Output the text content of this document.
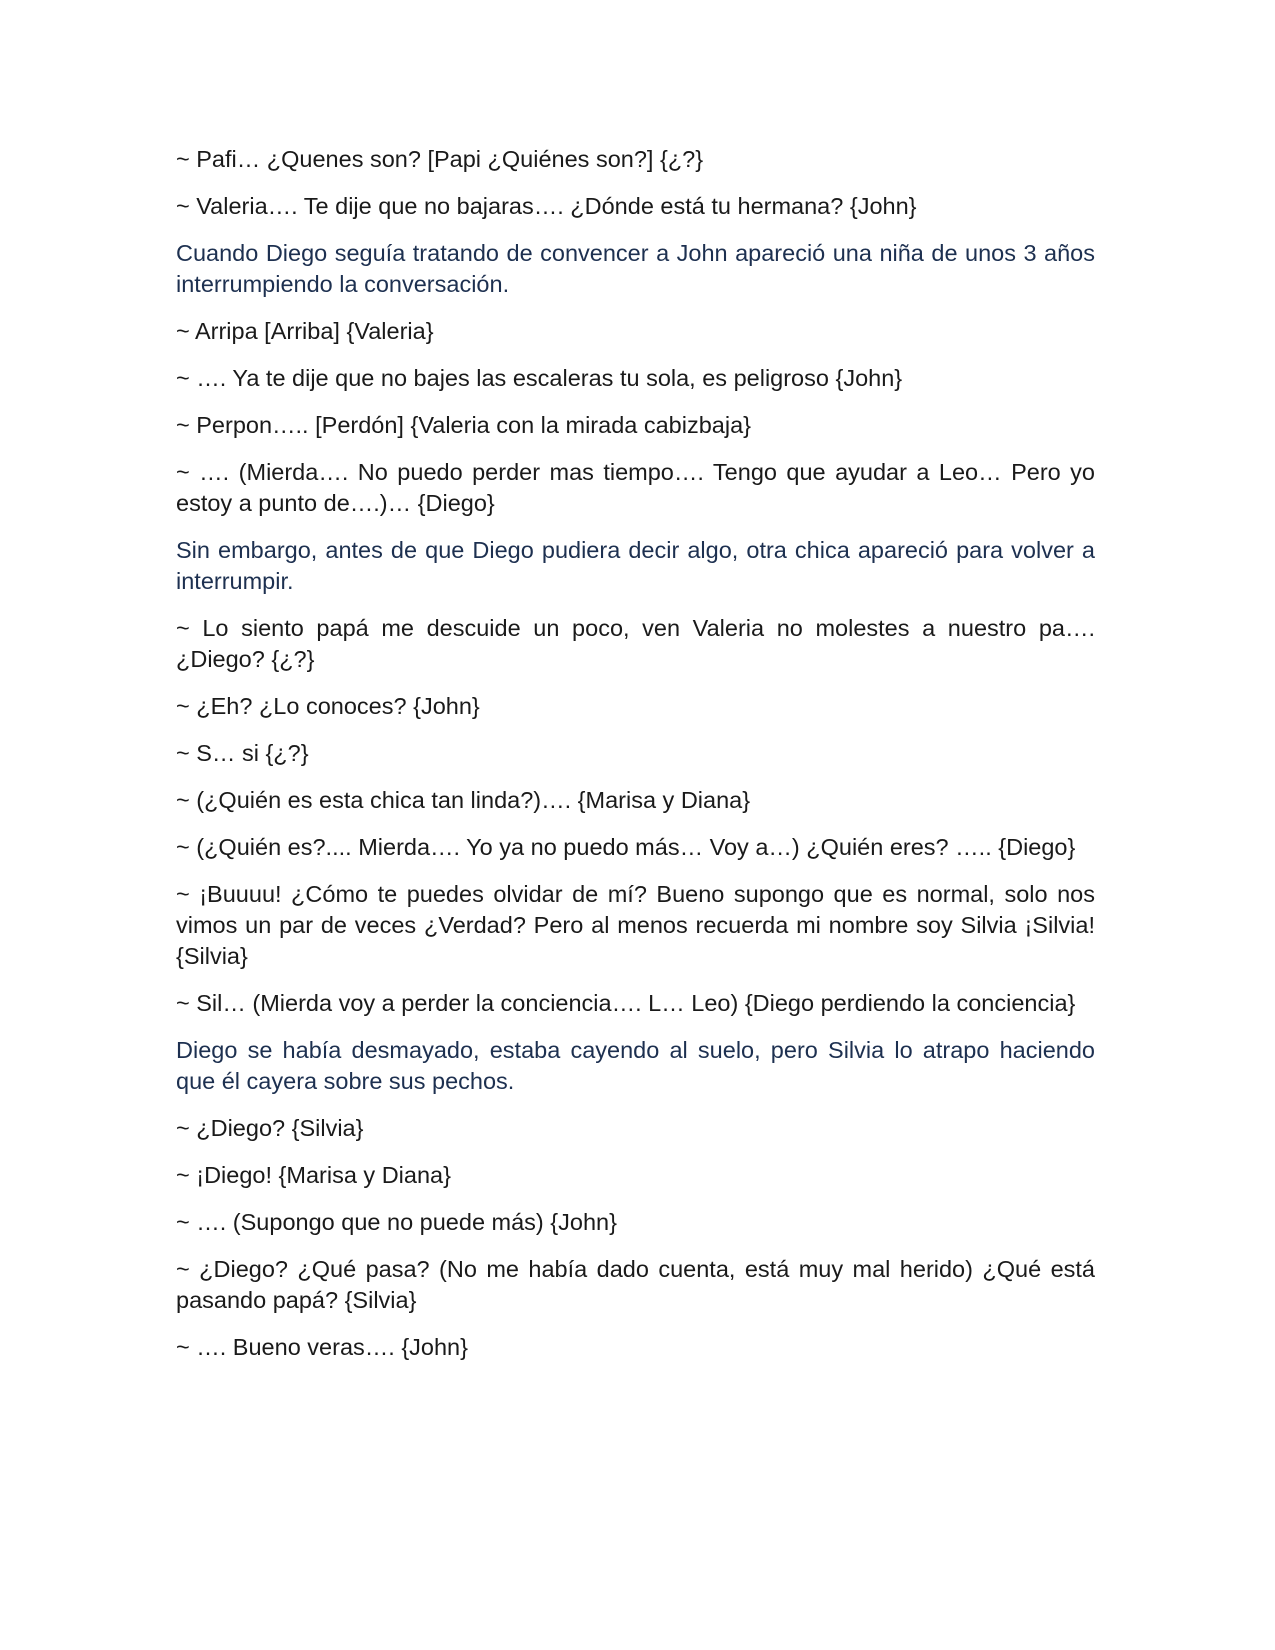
~ Pafi… ¿Quenes son? [Papi ¿Quiénes son?] {¿?}

~ Valeria…. Te dije que no bajaras…. ¿Dónde está tu hermana? {John}

Cuando Diego seguía tratando de convencer a John apareció una niña de unos 3 años interrumpiendo la conversación.

~ Arripa [Arriba] {Valeria}

~ …. Ya te dije que no bajes las escaleras tu sola, es peligroso {John}

~ Perpon….. [Perdón] {Valeria con la mirada cabizbaja}

~ …. (Mierda…. No puedo perder mas tiempo…. Tengo que ayudar a Leo… Pero yo estoy a punto de….)… {Diego}

Sin embargo, antes de que Diego pudiera decir algo, otra chica apareció para volver a interrumpir.

~ Lo siento papá me descuide un poco, ven Valeria no molestes a nuestro pa…. ¿Diego? {¿?}

~ ¿Eh? ¿Lo conoces? {John}

~ S… si {¿?}

~ (¿Quién es esta chica tan linda?)…. {Marisa y Diana}

~ (¿Quién es?.... Mierda…. Yo ya no puedo más… Voy a…) ¿Quién eres? ….. {Diego}

~ ¡Buuuu! ¿Cómo te puedes olvidar de mí? Bueno supongo que es normal, solo nos vimos un par de veces ¿Verdad? Pero al menos recuerda mi nombre soy Silvia ¡Silvia! {Silvia}

~ Sil… (Mierda voy a perder la conciencia…. L… Leo) {Diego perdiendo la conciencia}

Diego se había desmayado, estaba cayendo al suelo, pero Silvia lo atrapo haciendo que él cayera sobre sus pechos.

~ ¿Diego? {Silvia}

~ ¡Diego! {Marisa y Diana}

~ …. (Supongo que no puede más) {John}

~ ¿Diego? ¿Qué pasa? (No me había dado cuenta, está muy mal herido) ¿Qué está pasando papá? {Silvia}

~ …. Bueno veras…. {John}
